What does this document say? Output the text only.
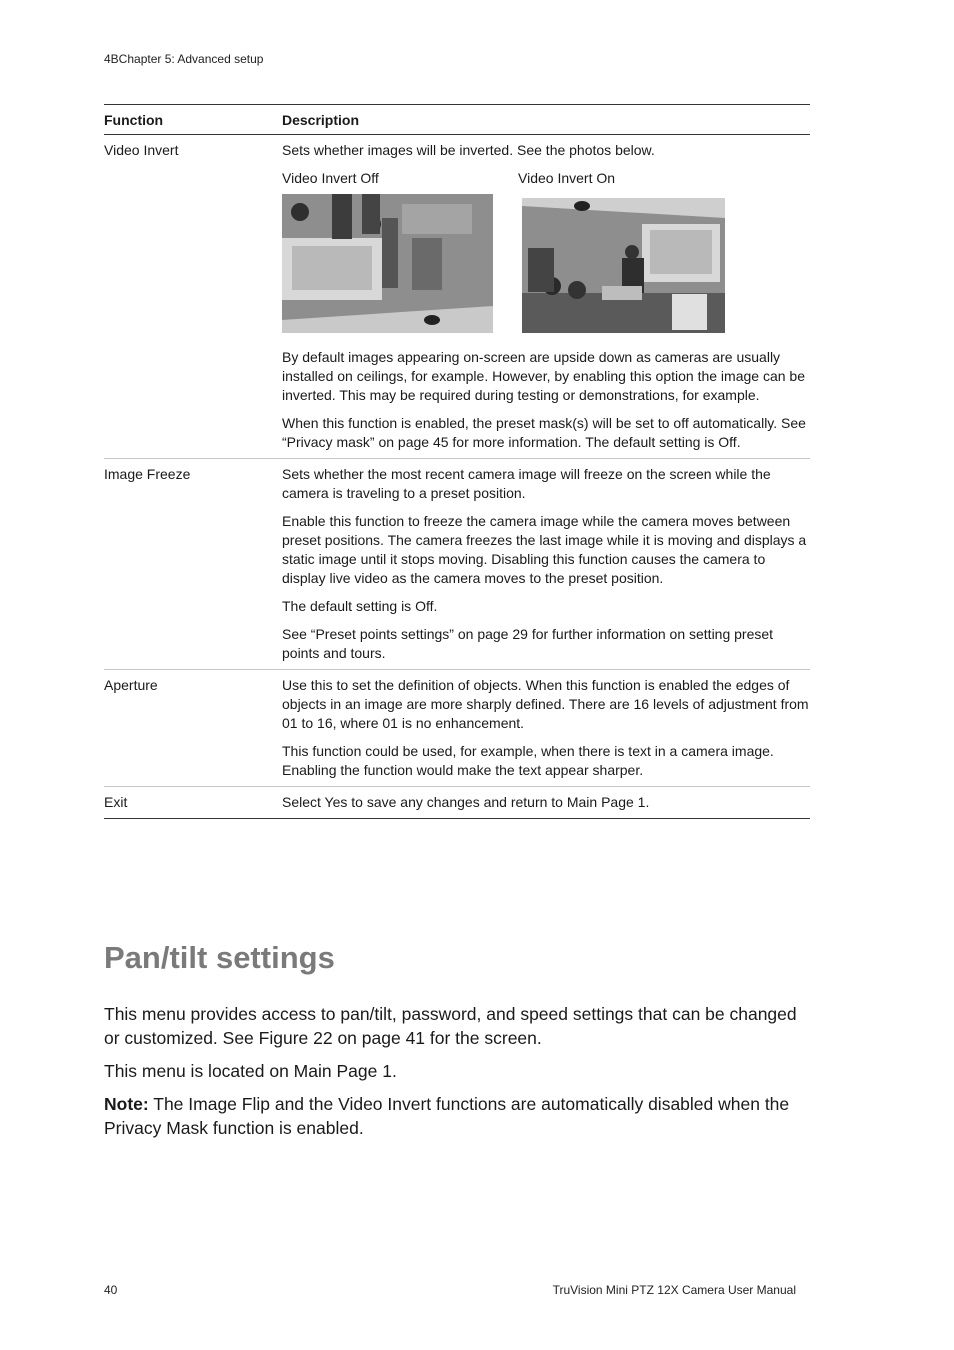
4BChapter 5: Advanced setup
Function	Description
Video Invert	Sets whether images will be inverted. See the photos below.

Video Invert Off	Video Invert On

By default images appearing on-screen are upside down as cameras are usually installed on ceilings, for example. However, by enabling this option the image can be inverted. This may be required during testing or demonstrations, for example.

When this function is enabled, the preset mask(s) will be set to off automatically. See “Privacy mask” on page 45 for more information. The default setting is Off.

Image Freeze	Sets whether the most recent camera image will freeze on the screen while the camera is traveling to a preset position.

Enable this function to freeze the camera image while the camera moves between preset positions. The camera freezes the last image while it is moving and displays a static image until it stops moving. Disabling this function causes the camera to display live video as the camera moves to the preset position.

The default setting is Off.

See “Preset points settings” on page 29 for further information on setting preset points and tours.

Aperture	Use this to set the definition of objects. When this function is enabled the edges of objects in an image are more sharply defined. There are 16 levels of adjustment from 01 to 16, where 01 is no enhancement.

This function could be used, for example, when there is text in a camera image. Enabling the function would make the text appear sharper.

Exit	Select Yes to save any changes and return to Main Page 1.

Pan/tilt settings

This menu provides access to pan/tilt, password, and speed settings that can be changed or customized. See Figure 22 on page 41 for the screen.

This menu is located on Main Page 1.

Note: The Image Flip and the Video Invert functions are automatically disabled when the Privacy Mask function is enabled.

40	TruVision Mini PTZ 12X Camera User Manual
